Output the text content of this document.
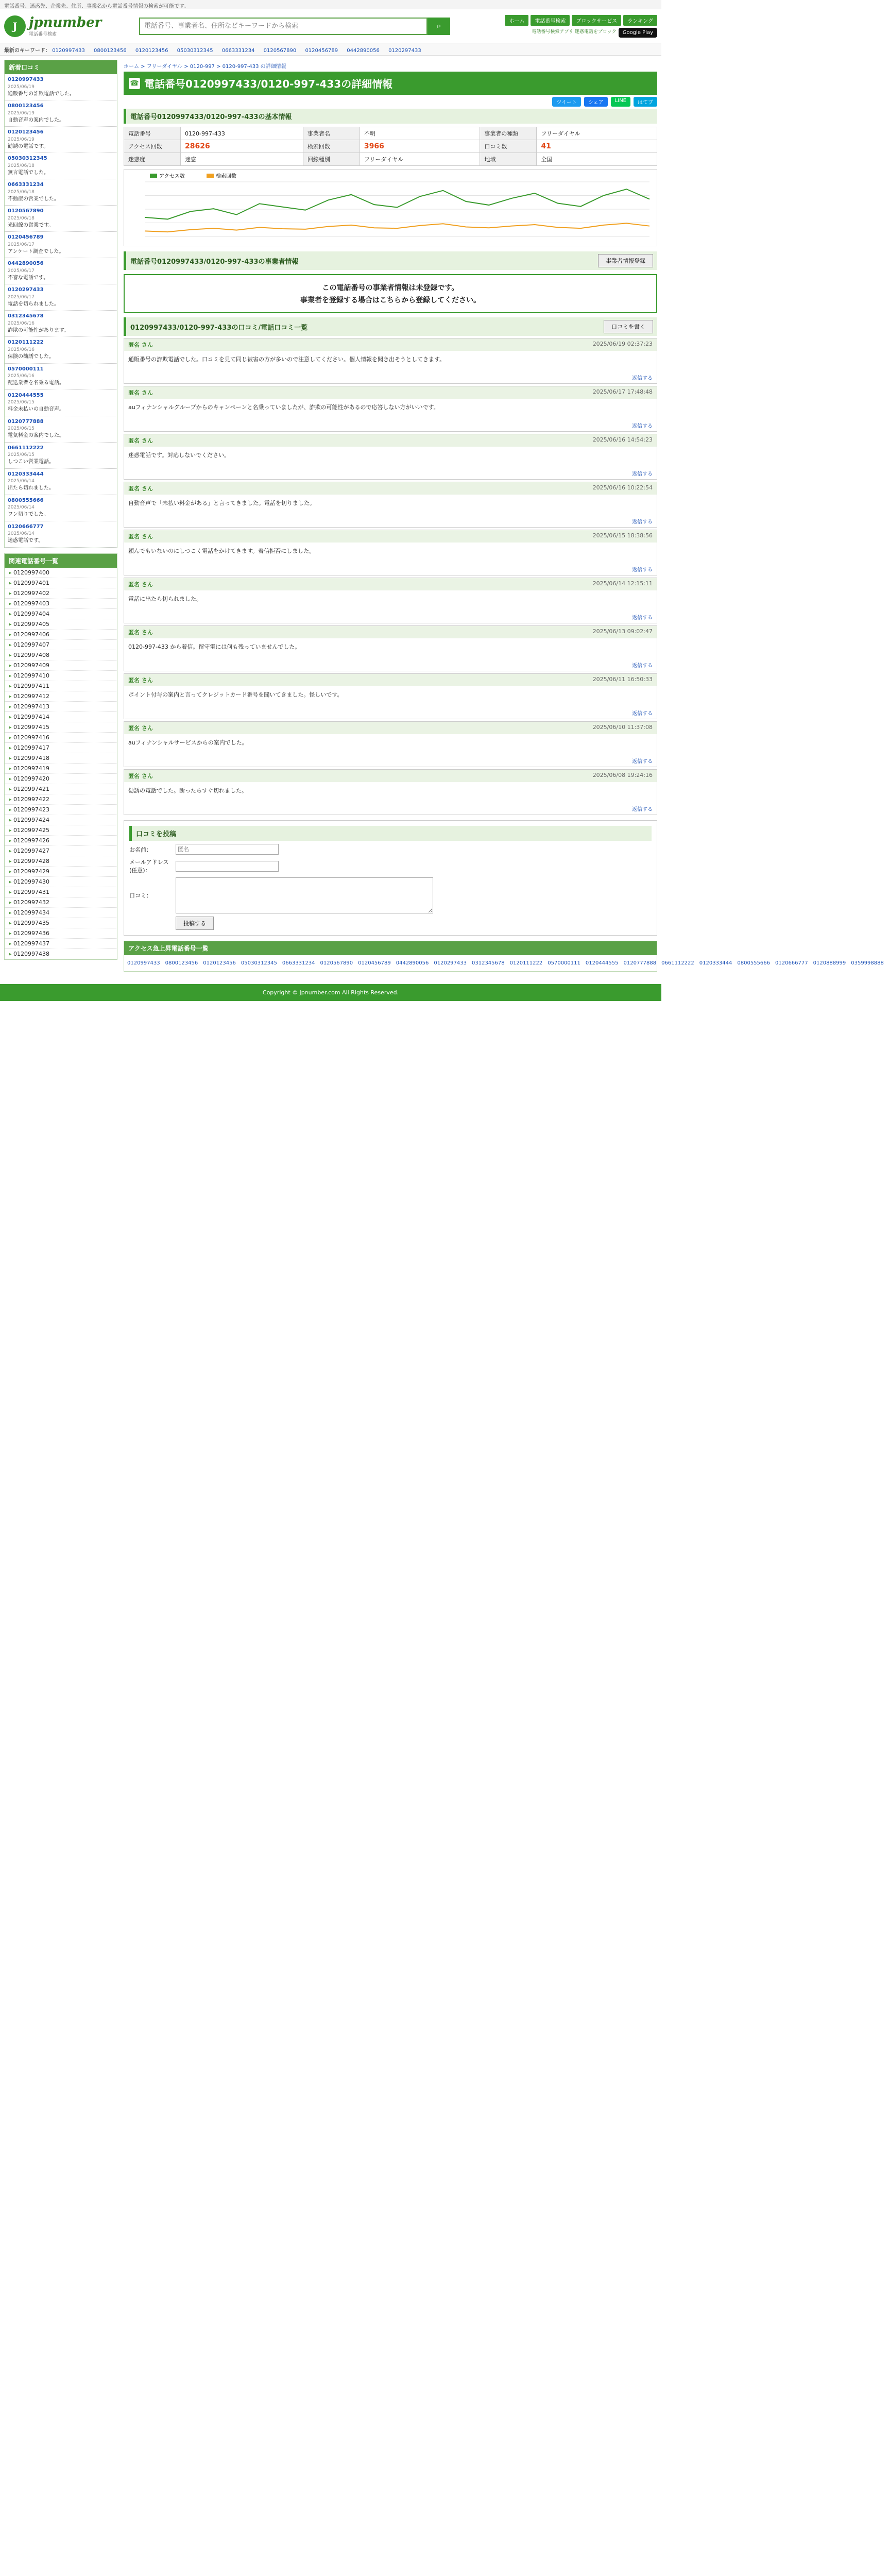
電話番号、迷惑先、企業先、住所、事業名から電話番号情報の検索が可能です。
J jpnumber
電話番号検索
電話番号、事業者名、住所などキーワードから検索
⌕
ホーム	電話番号検索	ブロックサービス	ランキング
電話番号検索アプリ 迷惑電話をブロック	Google Play
最新のキーワード： 0120997433 0800123456 0120123456 05030312345 0663331234 0120567890 0120456789 0442890056 0120297433
新着口コミ
0120997433
2025/06/19
通販番号の詐欺電話でした。
0800123456
2025/06/19
自動音声の案内でした。
0120123456
2025/06/19
勧誘の電話です。
05030312345
2025/06/18
無言電話でした。
0663331234
2025/06/18
不動産の営業でした。
0120567890
2025/06/18
光回線の営業です。
0120456789
2025/06/17
アンケート調査でした。
0442890056
2025/06/17
不審な電話です。
0120297433
2025/06/17
電話を切られました。
0312345678
2025/06/16
詐欺の可能性があります。
0120111222
2025/06/16
保険の勧誘でした。
0570000111
2025/06/16
配送業者を名乗る電話。
0120444555
2025/06/15
料金未払いの自動音声。
0120777888
2025/06/15
電気料金の案内でした。
0661112222
2025/06/15
しつこい営業電話。
0120333444
2025/06/14
出たら切れました。
0800555666
2025/06/14
ワン切りでした。
0120666777
2025/06/14
迷惑電話です。
関連電話番号一覧
▸ 0120997400
▸ 0120997401
▸ 0120997402
▸ 0120997403
▸ 0120997404
▸ 0120997405
▸ 0120997406
▸ 0120997407
▸ 0120997408
▸ 0120997409
▸ 0120997410
▸ 0120997411
▸ 0120997412
▸ 0120997413
▸ 0120997414
▸ 0120997415
▸ 0120997416
▸ 0120997417
▸ 0120997418
▸ 0120997419
▸ 0120997420
▸ 0120997421
▸ 0120997422
▸ 0120997423
▸ 0120997424
▸ 0120997425
▸ 0120997426
▸ 0120997427
▸ 0120997428
▸ 0120997429
▸ 0120997430
▸ 0120997431
▸ 0120997432
▸ 0120997434
▸ 0120997435
▸ 0120997436
▸ 0120997437
▸ 0120997438
ホーム > フリーダイヤル > 0120-997 > 0120-997-433 の詳細情報
☎ 電話番号0120997433/0120-997-433の詳細情報
ツイート	シェア	LINE	はてブ
電話番号0120997433/0120-997-433の基本情報
電話番号	0120-997-433	事業者名	不明	事業者の種類	フリーダイヤル
アクセス回数	28626	検索回数	3966	口コミ数	41
迷惑度	迷惑	回線種別	フリーダイヤル	地域	全国
アクセス数	検索回数
電話番号0120997433/0120-997-433の事業者情報	事業者情報登録

この電話番号の事業者情報は未登録です。

事業者を登録する場合はこちらから登録してください。

0120997433/0120-997-433の口コミ/電話口コミ一覧	口コミを書く
匿名 さん	2025/06/19 02:37:23
通販番号の詐欺電話でした。口コミを見て同じ被害の方が多いので注意してください。個人情報を聞き出そうとしてきます。
返信する
匿名 さん	2025/06/17 17:48:48
auフィナンシャルグループからのキャンペーンと名乗っていましたが、詐欺の可能性があるので応答しない方がいいです。
返信する
匿名 さん	2025/06/16 14:54:23
迷惑電話です。対応しないでください。
返信する
匿名 さん	2025/06/16 10:22:54
自動音声で「未払い料金がある」と言ってきました。電話を切りました。
返信する
匿名 さん	2025/06/15 18:38:56
頼んでもいないのにしつこく電話をかけてきます。着信拒否にしました。
返信する
匿名 さん	2025/06/14 12:15:11
電話に出たら切られました。
返信する
匿名 さん	2025/06/13 09:02:47
0120-997-433 から着信。留守電には何も残っていませんでした。
返信する
匿名 さん	2025/06/11 16:50:33
ポイント付与の案内と言ってクレジットカード番号を聞いてきました。怪しいです。
返信する
匿名 さん	2025/06/10 11:37:08
auフィナンシャルサービスからの案内でした。
返信する
匿名 さん	2025/06/08 19:24:16
勧誘の電話でした。断ったらすぐ切れました。
返信する
口コミを投稿
お名前：
匿名
メールアドレス(任意)：
口コミ：
投稿する
アクセス急上昇電話番号一覧
0120997433 0800123456 0120123456 05030312345 0663331234 0120567890 0120456789 0442890056 0120297433 0312345678 0120111222 0570000111 0120444555 0120777888 0661112222 0120333444 0800555666 0120666777 0120888999 0359998888
Copyright © jpnumber.com All Rights Reserved.
